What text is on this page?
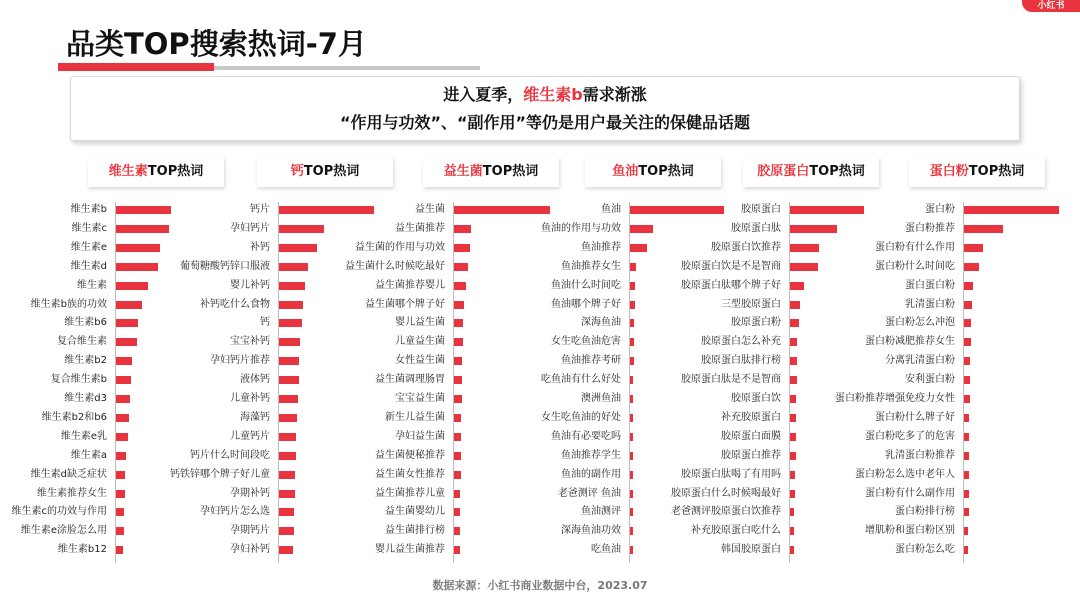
小红书
品类TOP搜索热词-7月
进入夏季，维生素b需求渐涨
“作用与功效”、“副作用”等仍是用户最关注的保健品话题
维生素TOP热词
维生素b
维生素c
维生素e
维生素d
维生素
维生素b族的功效
维生素b6
复合维生素
维生素b2
复合维生素b
维生素d3
维生素b2和b6
维生素e乳
维生素a
维生素d缺乏症状
维生素推荐女生
维生素c的功效与作用
维生素e涂脸怎么用
维生素b12
钙TOP热词
钙片
孕妇钙片
补钙
葡萄糖酸钙锌口服液
婴儿补钙
补钙吃什么食物
钙
宝宝补钙
孕妇钙片推荐
液体钙
儿童补钙
海藻钙
儿童钙片
钙片什么时间段吃
钙铁锌哪个牌子好儿童
孕期补钙
孕妇钙片怎么选
孕期钙片
孕妇补钙
益生菌TOP热词
益生菌
益生菌推荐
益生菌的作用与功效
益生菌什么时候吃最好
益生菌推荐婴儿
益生菌哪个牌子好
婴儿益生菌
儿童益生菌
女性益生菌
益生菌调理肠胃
宝宝益生菌
新生儿益生菌
孕妇益生菌
益生菌便秘推荐
益生菌女性推荐
益生菌推荐儿童
益生菌婴幼儿
益生菌排行榜
婴儿益生菌推荐
鱼油TOP热词
鱼油
鱼油的作用与功效
鱼油推荐
鱼油推荐女生
鱼油什么时间吃
鱼油哪个牌子好
深海鱼油
女生吃鱼油危害
鱼油推荐考研
吃鱼油有什么好处
澳洲鱼油
女生吃鱼油的好处
鱼油有必要吃吗
鱼油推荐学生
鱼油的副作用
老爸测评 鱼油
鱼油测评
深海鱼油功效
吃鱼油
胶原蛋白TOP热词
胶原蛋白
胶原蛋白肽
胶原蛋白饮推荐
胶原蛋白饮是不是智商
胶原蛋白肽哪个牌子好
三型胶原蛋白
胶原蛋白粉
胶原蛋白怎么补充
胶原蛋白肽排行榜
胶原蛋白肽是不是智商
胶原蛋白饮
补充胶原蛋白
胶原蛋白面膜
胶原蛋白推荐
胶原蛋白肽喝了有用吗
胶原蛋白什么时候喝最好
老爸测评胶原蛋白饮推荐
补充胶原蛋白吃什么
韩国胶原蛋白
蛋白粉TOP热词
蛋白粉
蛋白粉推荐
蛋白粉有什么作用
蛋白粉什么时间吃
蛋白蛋白粉
乳清蛋白粉
蛋白粉怎么冲泡
蛋白粉减肥推荐女生
分离乳清蛋白粉
安利蛋白粉
蛋白粉推荐增强免疫力女性
蛋白粉什么牌子好
蛋白粉吃多了的危害
乳清蛋白粉推荐
蛋白粉怎么选中老年人
蛋白粉有什么副作用
蛋白粉排行榜
增肌粉和蛋白粉区别
蛋白粉怎么吃
数据来源：小红书商业数据中台，2023.07
